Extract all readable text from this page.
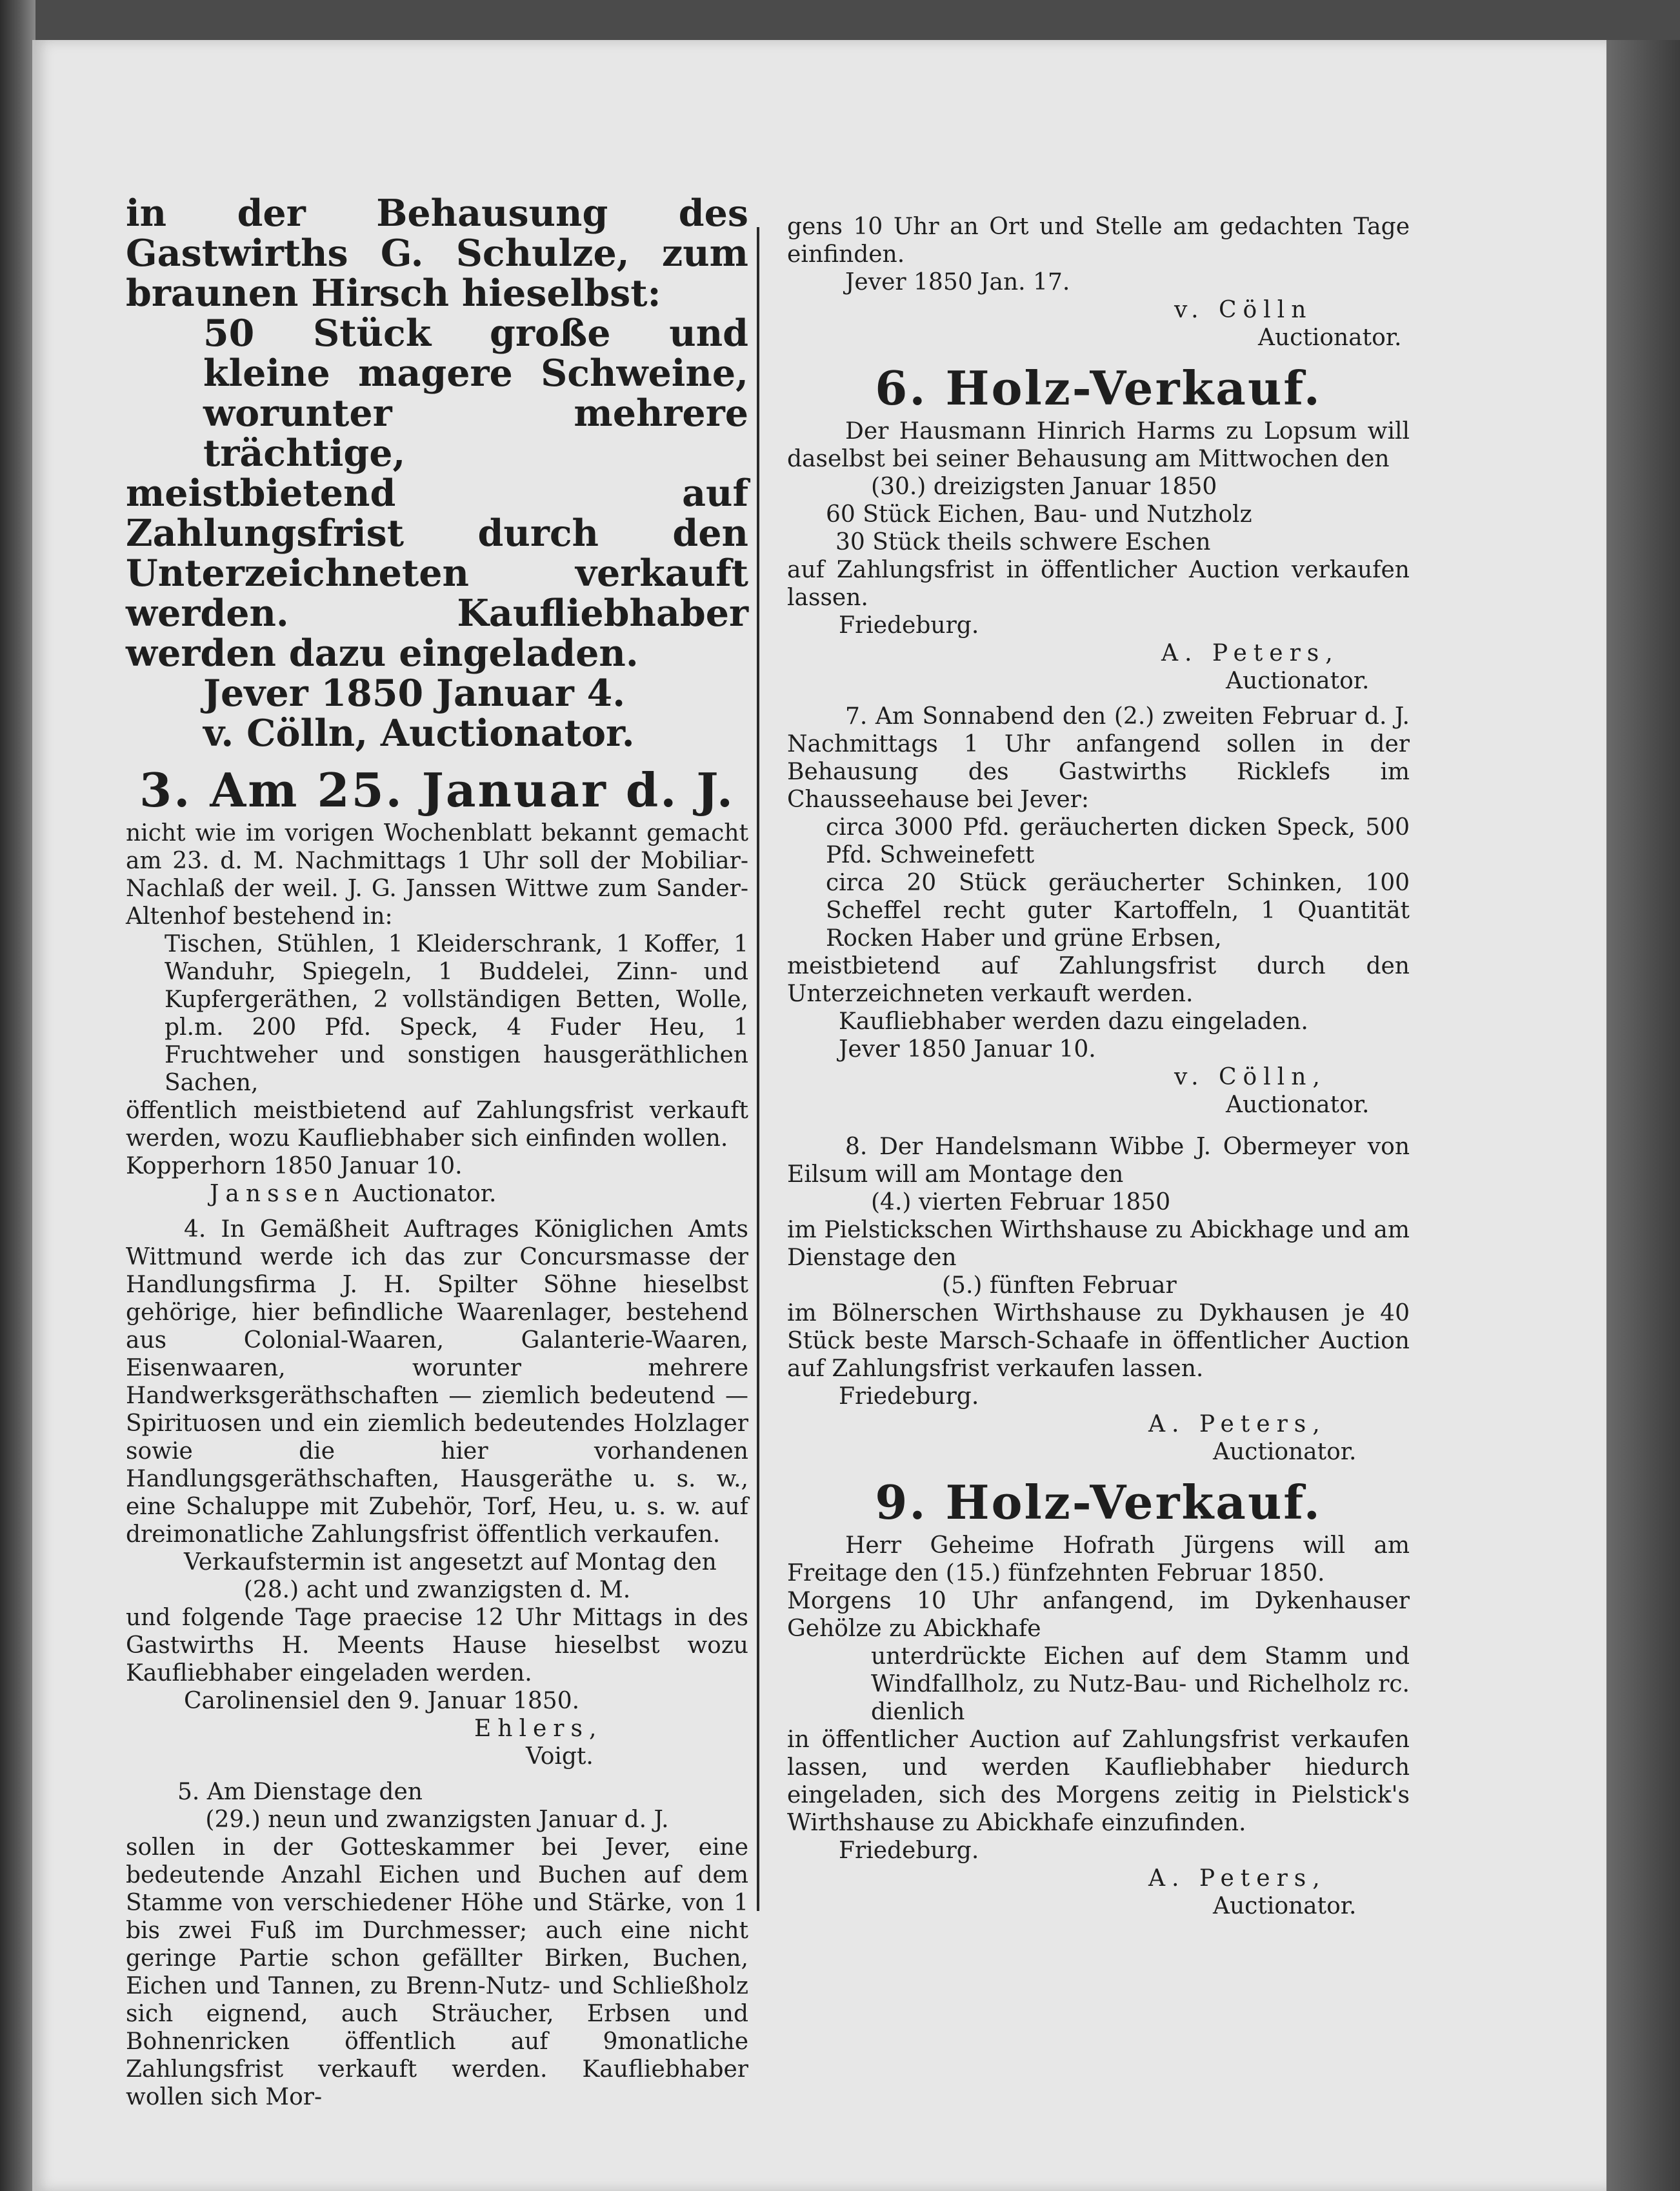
in der Behausung des Gastwirths G. Schulze, zum braunen Hirsch hieselbst:

50 Stück große und kleine magere Schweine, worunter mehrere trächtige,

meistbietend auf Zahlungsfrist durch den Unterzeichneten verkauft werden. Kaufliebhaber werden dazu eingeladen.

Jever 1850 Januar 4.

v. Cölln, Auctionator.

3. Am 25. Januar d. J.

nicht wie im vorigen Wochenblatt bekannt gemacht am 23. d. M. Nachmittags 1 Uhr soll der Mobiliar-Nachlaß der weil. J. G. Janssen Wittwe zum Sander-Altenhof bestehend in:

Tischen, Stühlen, 1 Kleiderschrank, 1 Koffer, 1 Wanduhr, Spiegeln, 1 Buddelei, Zinn- und Kupfergeräthen, 2 vollständigen Betten, Wolle, pl.m. 200 Pfd. Speck, 4 Fuder Heu, 1 Fruchtweher und sonstigen hausgeräthlichen Sachen,

öffentlich meistbietend auf Zahlungsfrist verkauft werden, wozu Kaufliebhaber sich einfinden wollen.

Kopperhorn 1850 Januar 10.

Janssen Auctionator.

4. In Gemäßheit Auftrages Königlichen Amts Wittmund werde ich das zur Concursmasse der Handlungsfirma J. H. Spilter Söhne hieselbst gehörige, hier befindliche Waarenlager, bestehend aus Colonial-Waaren, Galanterie-Waaren, Eisenwaaren, worunter mehrere Handwerksgeräthschaften — ziemlich bedeutend — Spirituosen und ein ziemlich bedeutendes Holzlager sowie die hier vorhandenen Handlungsgeräthschaften, Hausgeräthe u. s. w., eine Schaluppe mit Zubehör, Torf, Heu, u. s. w. auf dreimonatliche Zahlungsfrist öffentlich verkaufen.

Verkaufstermin ist angesetzt auf Montag den

(28.) acht und zwanzigsten d. M.

und folgende Tage praecise 12 Uhr Mittags in des Gastwirths H. Meents Hause hieselbst wozu Kaufliebhaber eingeladen werden.

Carolinensiel den 9. Januar 1850.

Ehlers,

Voigt.

5. Am Dienstage den

(29.) neun und zwanzigsten Januar d. J.

sollen in der Gotteskammer bei Jever, eine bedeutende Anzahl Eichen und Buchen auf dem Stamme von verschiedener Höhe und Stärke, von 1 bis zwei Fuß im Durchmesser; auch eine nicht geringe Partie schon gefällter Birken, Buchen, Eichen und Tannen, zu Brenn-Nutz- und Schließholz sich eignend, auch Sträucher, Erbsen und Bohnenricken öffentlich auf 9monatliche Zahlungsfrist verkauft werden. Kaufliebhaber wollen sich Mor-

gens 10 Uhr an Ort und Stelle am gedachten Tage einfinden.

Jever 1850 Jan. 17.

v. Cölln

Auctionator.

6. Holz-Verkauf.

Der Hausmann Hinrich Harms zu Lopsum will daselbst bei seiner Behausung am Mittwochen den

(30.) dreizigsten Januar 1850

60 Stück Eichen, Bau- und Nutzholz

30 Stück theils schwere Eschen

auf Zahlungsfrist in öffentlicher Auction verkaufen lassen.

Friedeburg.

A. Peters,

Auctionator.

7. Am Sonnabend den (2.) zweiten Februar d. J. Nachmittags 1 Uhr anfangend sollen in der Behausung des Gastwirths Ricklefs im Chausseehause bei Jever:

circa 3000 Pfd. geräucherten dicken Speck, 500 Pfd. Schweinefett

circa 20 Stück geräucherter Schinken, 100 Scheffel recht guter Kartoffeln, 1 Quantität Rocken Haber und grüne Erbsen,

meistbietend auf Zahlungsfrist durch den Unterzeichneten verkauft werden.

Kaufliebhaber werden dazu eingeladen.

Jever 1850 Januar 10.

v. Cölln,

Auctionator.

8. Der Handelsmann Wibbe J. Obermeyer von Eilsum will am Montage den

(4.) vierten Februar 1850

im Pielstickschen Wirthshause zu Abickhage und am Dienstage den

(5.) fünften Februar

im Bölnerschen Wirthshause zu Dykhausen je 40 Stück beste Marsch-Schaafe in öffentlicher Auction auf Zahlungsfrist verkaufen lassen.

Friedeburg.

A. Peters,

Auctionator.

9. Holz-Verkauf.

Herr Geheime Hofrath Jürgens will am Freitage den (15.) fünfzehnten Februar 1850.

Morgens 10 Uhr anfangend, im Dykenhauser Gehölze zu Abickhafe

unterdrückte Eichen auf dem Stamm und Windfallholz, zu Nutz-Bau- und Richelholz rc. dienlich

in öffentlicher Auction auf Zahlungsfrist verkaufen lassen, und werden Kaufliebhaber hiedurch eingeladen, sich des Morgens zeitig in Pielstick's Wirthshause zu Abickhafe einzufinden.

Friedeburg.

A. Peters,

Auctionator.
